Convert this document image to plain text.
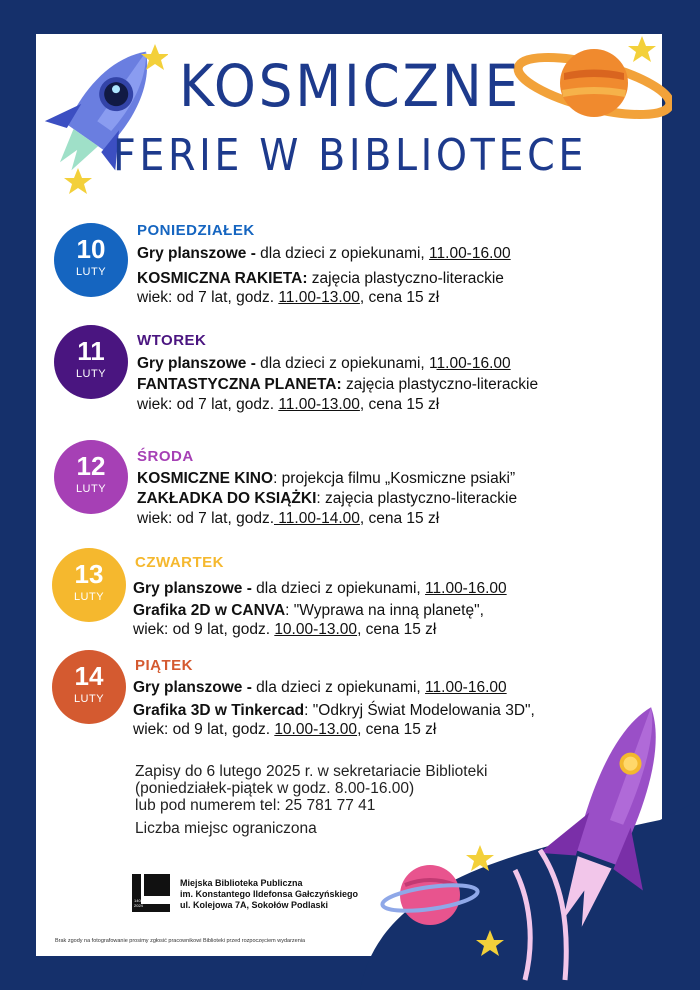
KOSMICZNE
FERIE W BIBLIOTECE
10
LUTY
PONIEDZIAŁEK
Gry planszowe - dla dzieci z opiekunami, 11.00-16.00
KOSMICZNA RAKIETA: zajęcia plastyczno-literackie
wiek: od 7 lat, godz. 11.00-13.00, cena 15 zł
11
LUTY
WTOREK
Gry planszowe - dla dzieci z opiekunami, 11.00-16.00
FANTASTYCZNA PLANETA: zajęcia plastyczno-literackie
wiek: od 7 lat, godz. 11.00-13.00, cena 15 zł
12
LUTY
ŚRODA
KOSMICZNE KINO: projekcja filmu „Kosmiczne psiaki”
ZAKŁADKA DO KSIĄŻKI: zajęcia plastyczno-literackie
wiek: od 7 lat, godz. 11.00-14.00, cena 15 zł
13
LUTY
CZWARTEK
Gry planszowe - dla dzieci z opiekunami, 11.00-16.00
Grafika 2D w CANVA: "Wyprawa na inną planetę",
wiek: od 9 lat, godz. 10.00-13.00, cena 15 zł
14
LUTY
PIĄTEK
Gry planszowe - dla dzieci z opiekunami, 11.00-16.00
Grafika 3D w Tinkercad: "Odkryj Świat Modelowania 3D",
wiek: od 9 lat, godz. 10.00-13.00, cena 15 zł
Zapisy do 6 lutego 2025 r. w sekretariacie Biblioteki
(poniedziałek-piątek w godz. 8.00-16.00)
lub pod numerem tel: 25 781 77 41
Liczba miejsc ograniczona
1404
2024
Miejska Biblioteka Publiczna
im. Konstantego Ildefonsa Gałczyńskiego
ul. Kolejowa 7A, Sokołów Podlaski
Brak zgody na fotografowanie prosimy zgłosić pracownikowi Biblioteki przed rozpoczęciem wydarzenia
